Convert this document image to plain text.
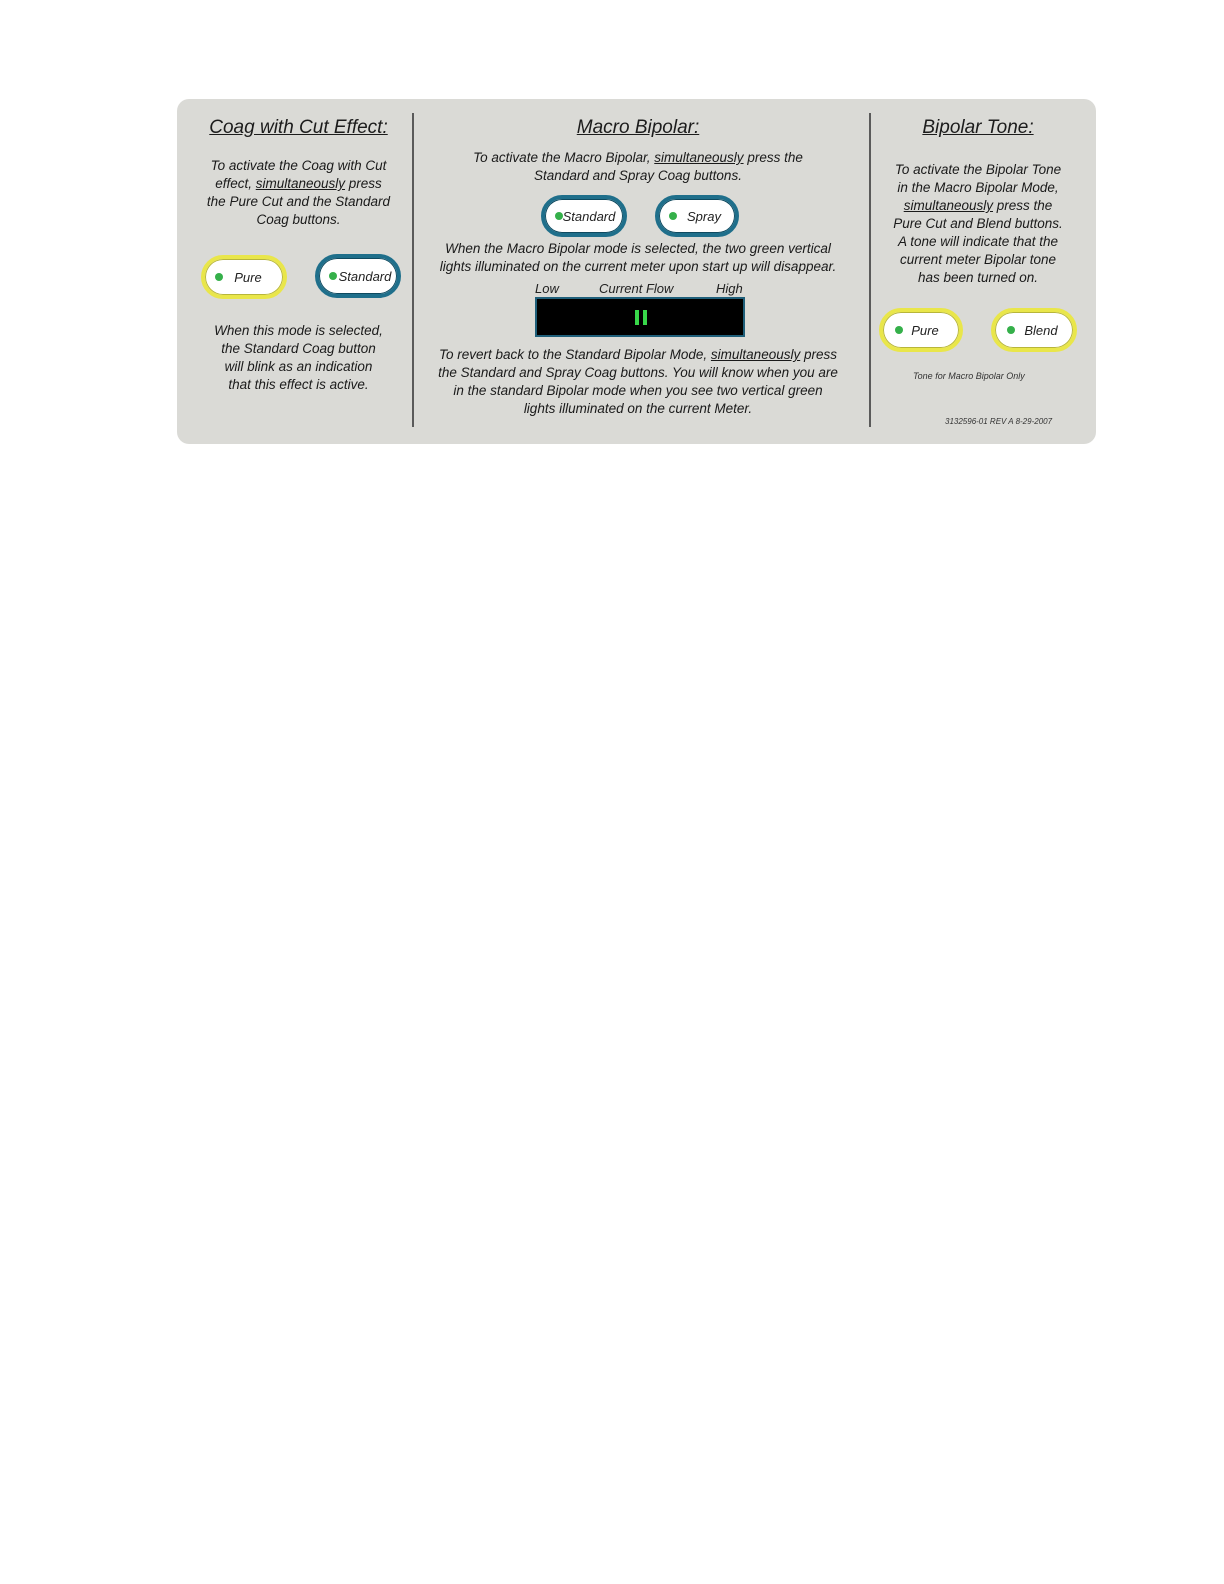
Coag with Cut Effect:

To activate the Coag with Cut
effect, simultaneously press
the Pure Cut and the Standard
Coag buttons.

Pure	Standard

When this mode is selected,
the Standard Coag button
will blink as an indication
that this effect is active.

Macro Bipolar:

To activate the Macro Bipolar, simultaneously press the
Standard and Spray Coag buttons.

Standard	Spray

When the Macro Bipolar mode is selected, the two green vertical
lights illuminated on the current meter upon start up will disappear.

Low	Current Flow	High

To revert back to the Standard Bipolar Mode, simultaneously press
the Standard and Spray Coag buttons. You will know when you are
in the standard Bipolar mode when you see two vertical green
lights illuminated on the current Meter.

Bipolar Tone:

To activate the Bipolar Tone
in the Macro Bipolar Mode,
simultaneously press the
Pure Cut and Blend buttons.
A tone will indicate that the
current meter Bipolar tone
has been turned on.

Pure	Blend
Tone for Macro Bipolar Only
3132596-01 REV A 8-29-2007
